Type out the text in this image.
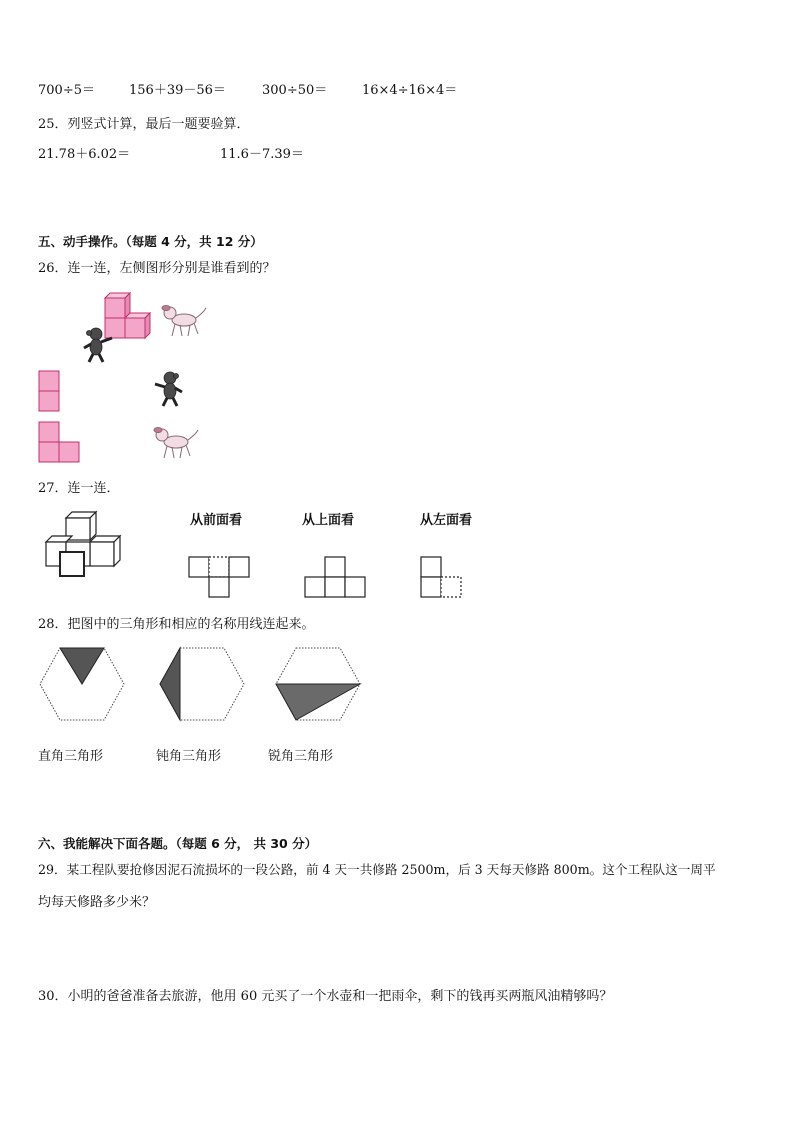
700÷5＝	156＋39－56＝	300÷50＝	16×4÷16×4＝
25．列竖式计算，最后一题要验算．
21.78＋6.02＝	11.6－7.39＝
五、动手操作。（每题 4 分，共 12 分）
26．连一连，左侧图形分别是谁看到的？
27．连一连．
从前面看	从上面看	从左面看
28．把图中的三角形和相应的名称用线连起来。
直角三角形	钝角三角形	锐角三角形
六、我能解决下面各题。（每题 6 分， 共 30 分）
29．某工程队要抢修因泥石流损坏的一段公路，前 4 天一共修路 2500m，后 3 天每天修路 800m。这个工程队这一周平
均每天修路多少米？
30．小明的爸爸准备去旅游，他用 60 元买了一个水壶和一把雨伞，剩下的钱再买两瓶风油精够吗？
